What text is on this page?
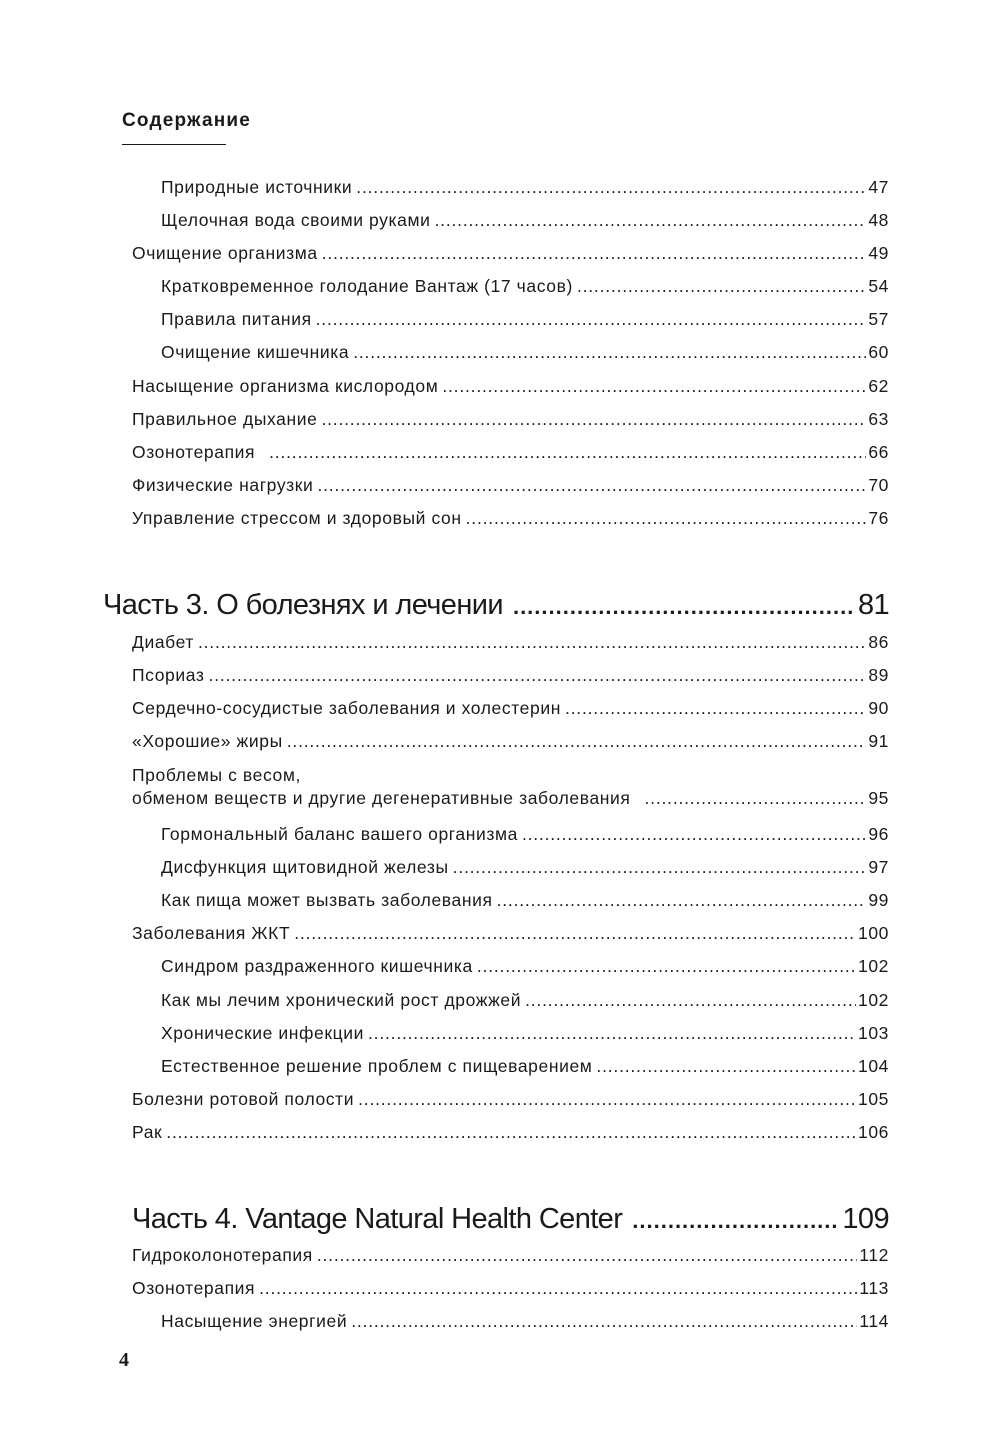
Содержание
Природные источники .....	47
Щелочная вода своими руками .....	48
Очищение организма .....	49
Кратковременное голодание Вантаж (17 часов) .....	54
Правила питания .....	57
Очищение кишечника .....	60
Насыщение организма кислородом .....	62
Правильное дыхание .....	63
Озонотерапия .....	66
Физические нагрузки .....	70
Управление стрессом и здоровый сон .....	76
Часть 3. О болезнях и лечении .....	81
Диабет .....	86
Псориаз .....	89
Сердечно-сосудистые заболевания и холестерин .....	90
«Хорошие» жиры .....	91
Проблемы с весом,
обменом веществ и другие дегенеративные заболевания .....	95
Гормональный баланс вашего организма .....	96
Дисфункция щитовидной железы .....	97
Как пища может вызвать заболевания .....	99
Заболевания ЖКТ .....	100
Синдром раздраженного кишечника .....	102
Как мы лечим хронический рост дрожжей .....	102
Хронические инфекции .....	103
Естественное решение проблем с пищеварением .....	104
Болезни ротовой полости .....	105
Рак .....	106
Часть 4. Vantage Natural Health Center .....	109
Гидроколонотерапия .....	112
Озонотерапия .....	113
Насыщение энергией .....	114
4
